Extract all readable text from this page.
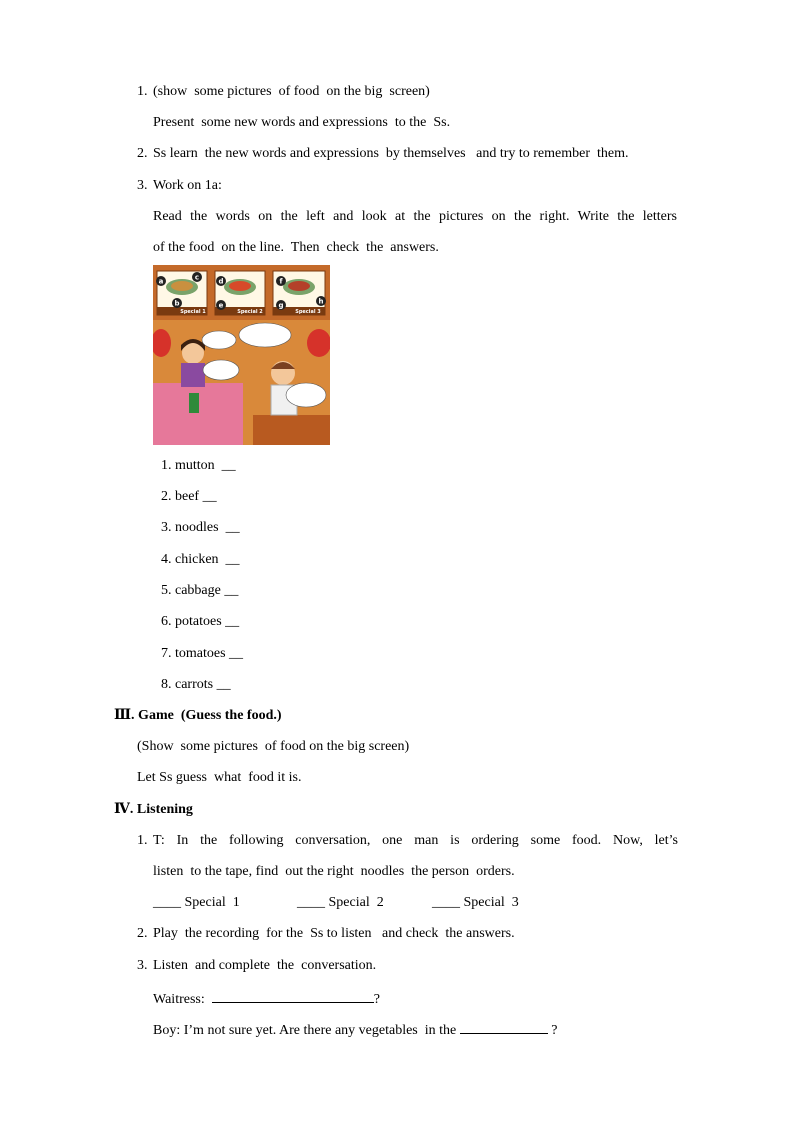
1. (show  some pictures  of food  on the big  screen)
Present  some new words and expressions  to the  Ss.
2. Ss learn  the new words and expressions  by themselves   and try to remember  them.
3. Work on 1a:
Read the words on the left and look at the pictures on the right. Write the letters
of the food  on the line.  Then  check  the  answers.
a
b
c	d
e
f
g	h
Special 1	Special 2	Special 3
1. mutton __
2. beef __
3. noodles __
4. chicken __
5. cabbage __
6. potatoes __
7. tomatoes __
8. carrots __
Ⅲ. Game  (Guess the food.)
(Show  some pictures  of food on the big screen)
Let Ss guess  what  food it is.
Ⅳ. Listening
1. T: In the following conversation, one man is ordering some food. Now, let’s
listen  to the tape, find  out the right  noodles  the person  orders.
____ Special  1	____ Special  2	____ Special  3
2. Play  the recording  for the  Ss to listen   and check  the answers.
3. Listen  and complete  the  conversation.
Waitress:	?
Boy: I’m not sure yet. Are there any vegetables  in the	?
